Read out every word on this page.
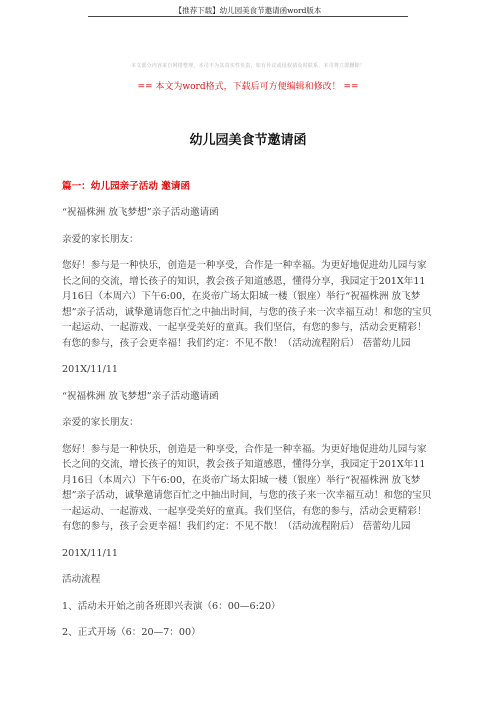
【推荐下载】幼儿园美食节邀请函word版本
本文部分内容来自网络整理，本司不为其真实性负责，如有异议或侵权请及时联系，本司将立即删除！
== 本文为word格式，下载后可方便编辑和修改！ ==
幼儿园美食节邀请函
篇一：幼儿园亲子活动 邀请函
“祝福株洲 放飞梦想”亲子活动邀请函
亲爱的家长朋友：
您好！参与是一种快乐，创造是一种享受，合作是一种幸福。为更好地促进幼儿园与家长之间的交流，增长孩子的知识，教会孩子知道感恩，懂得分享，我园定于201X年11月16日（本周六）下午6:00，在炎帝广场太阳城一楼（银座）举行“祝福株洲 放飞梦想”亲子活动，诚挚邀请您百忙之中抽出时间，与您的孩子来一次幸福互动！和您的宝贝一起运动、一起游戏、一起享受美好的童真。我们坚信，有您的参与，活动会更精彩！有您的参与，孩子会更幸福！我们约定：不见不散！（活动流程附后） 蓓蕾幼儿园
201X/11/11
“祝福株洲 放飞梦想”亲子活动邀请函
亲爱的家长朋友：
您好！参与是一种快乐，创造是一种享受，合作是一种幸福。为更好地促进幼儿园与家长之间的交流，增长孩子的知识，教会孩子知道感恩，懂得分享，我园定于201X年11月16日（本周六）下午6:00，在炎帝广场太阳城一楼（银座）举行“祝福株洲 放飞梦想”亲子活动，诚挚邀请您百忙之中抽出时间，与您的孩子来一次幸福互动！和您的宝贝一起运动、一起游戏、一起享受美好的童真。我们坚信，有您的参与，活动会更精彩！有您的参与，孩子会更幸福！我们约定：不见不散！（活动流程附后） 蓓蕾幼儿园
201X/11/11
活动流程
1、活动未开始之前各班即兴表演（6：00—6:20）
2、正式开场（6：20—7：00）
